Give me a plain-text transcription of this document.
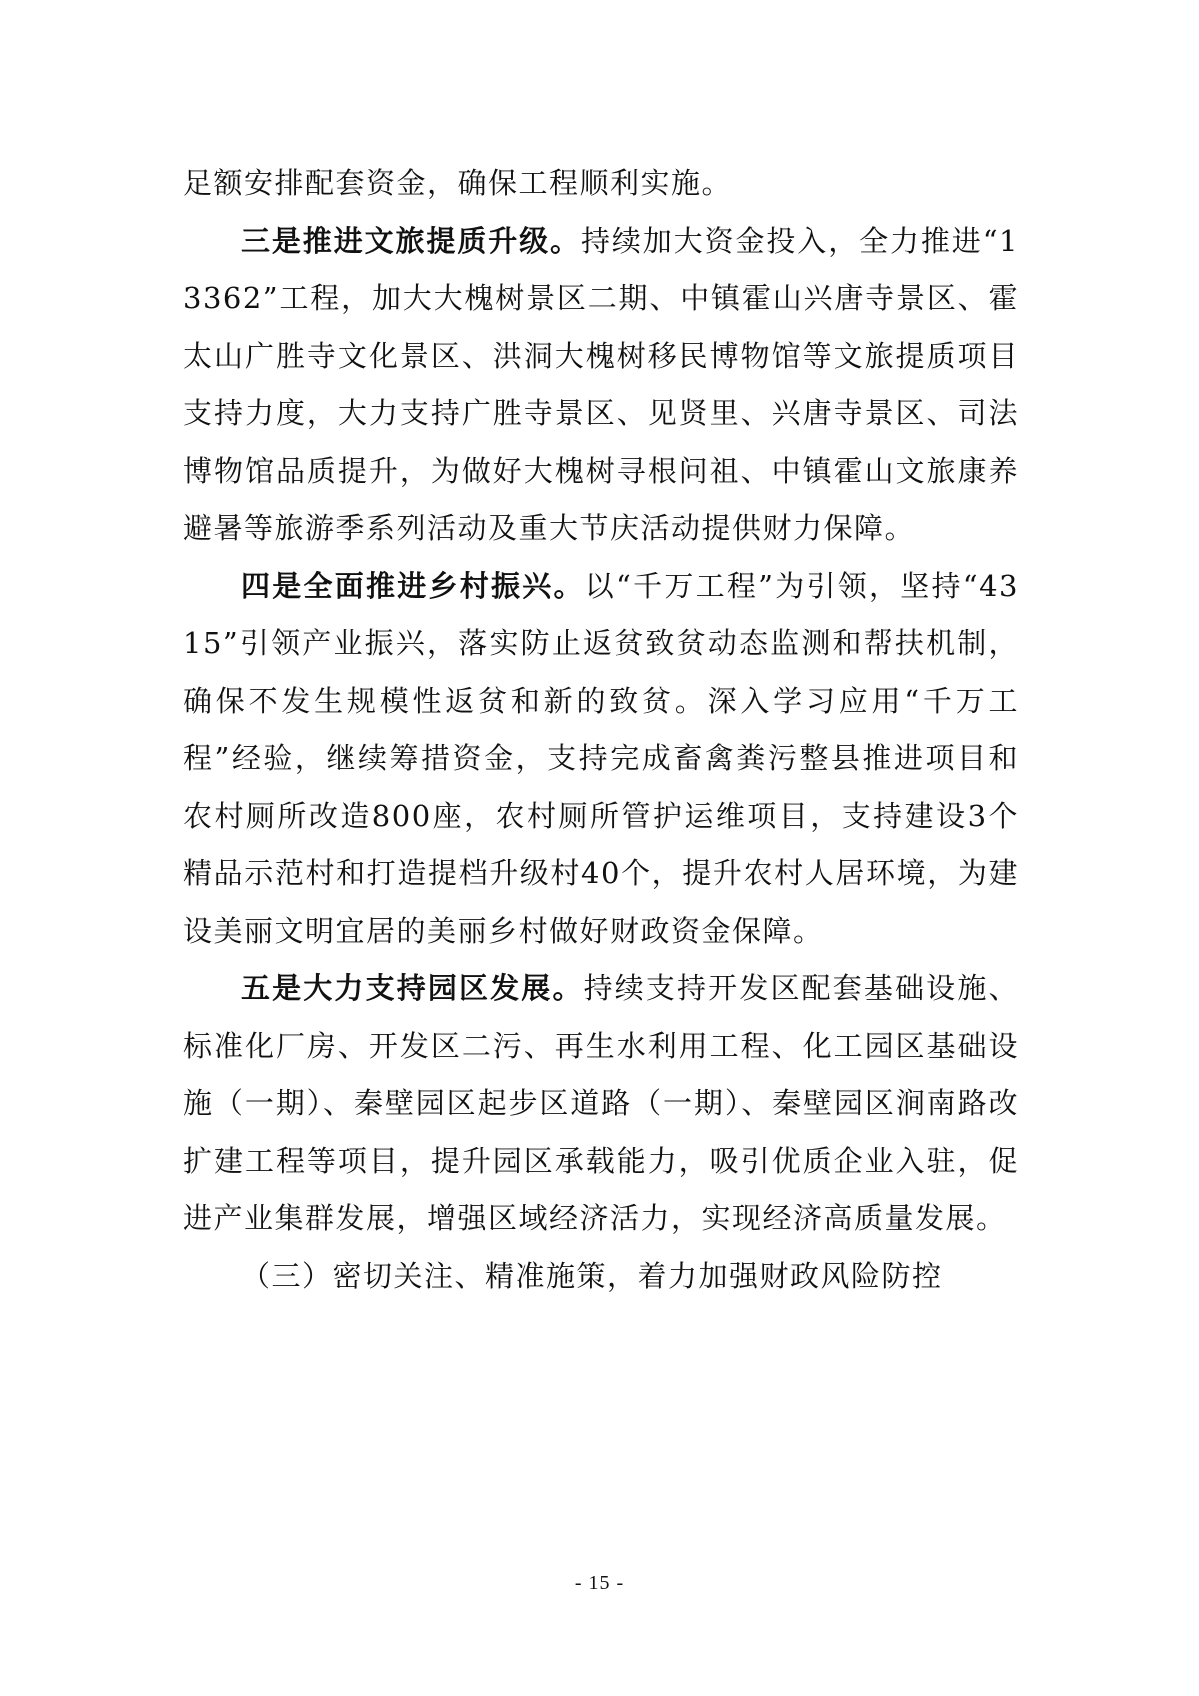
足额安排配套资金，确保工程顺利实施。

三是推进文旅提质升级。持续加大资金投入，全力推进“13362”工程，加大大槐树景区二期、中镇霍山兴唐寺景区、霍太山广胜寺文化景区、洪洞大槐树移民博物馆等文旅提质项目支持力度，大力支持广胜寺景区、见贤里、兴唐寺景区、司法博物馆品质提升，为做好大槐树寻根问祖、中镇霍山文旅康养避暑等旅游季系列活动及重大节庆活动提供财力保障。

四是全面推进乡村振兴。以“千万工程”为引领，坚持“4315”引领产业振兴，落实防止返贫致贫动态监测和帮扶机制，确保不发生规模性返贫和新的致贫。深入学习应用“千万工程”经验，继续筹措资金，支持完成畜禽粪污整县推进项目和农村厕所改造800座，农村厕所管护运维项目，支持建设3个精品示范村和打造提档升级村40个，提升农村人居环境，为建设美丽文明宜居的美丽乡村做好财政资金保障。

五是大力支持园区发展。持续支持开发区配套基础设施、标准化厂房、开发区二污、再生水利用工程、化工园区基础设施（一期）、秦壁园区起步区道路（一期）、秦壁园区涧南路改扩建工程等项目，提升园区承载能力，吸引优质企业入驻，促进产业集群发展，增强区域经济活力，实现经济高质量发展。

（三）密切关注、精准施策，着力加强财政风险防控

- 15 -
